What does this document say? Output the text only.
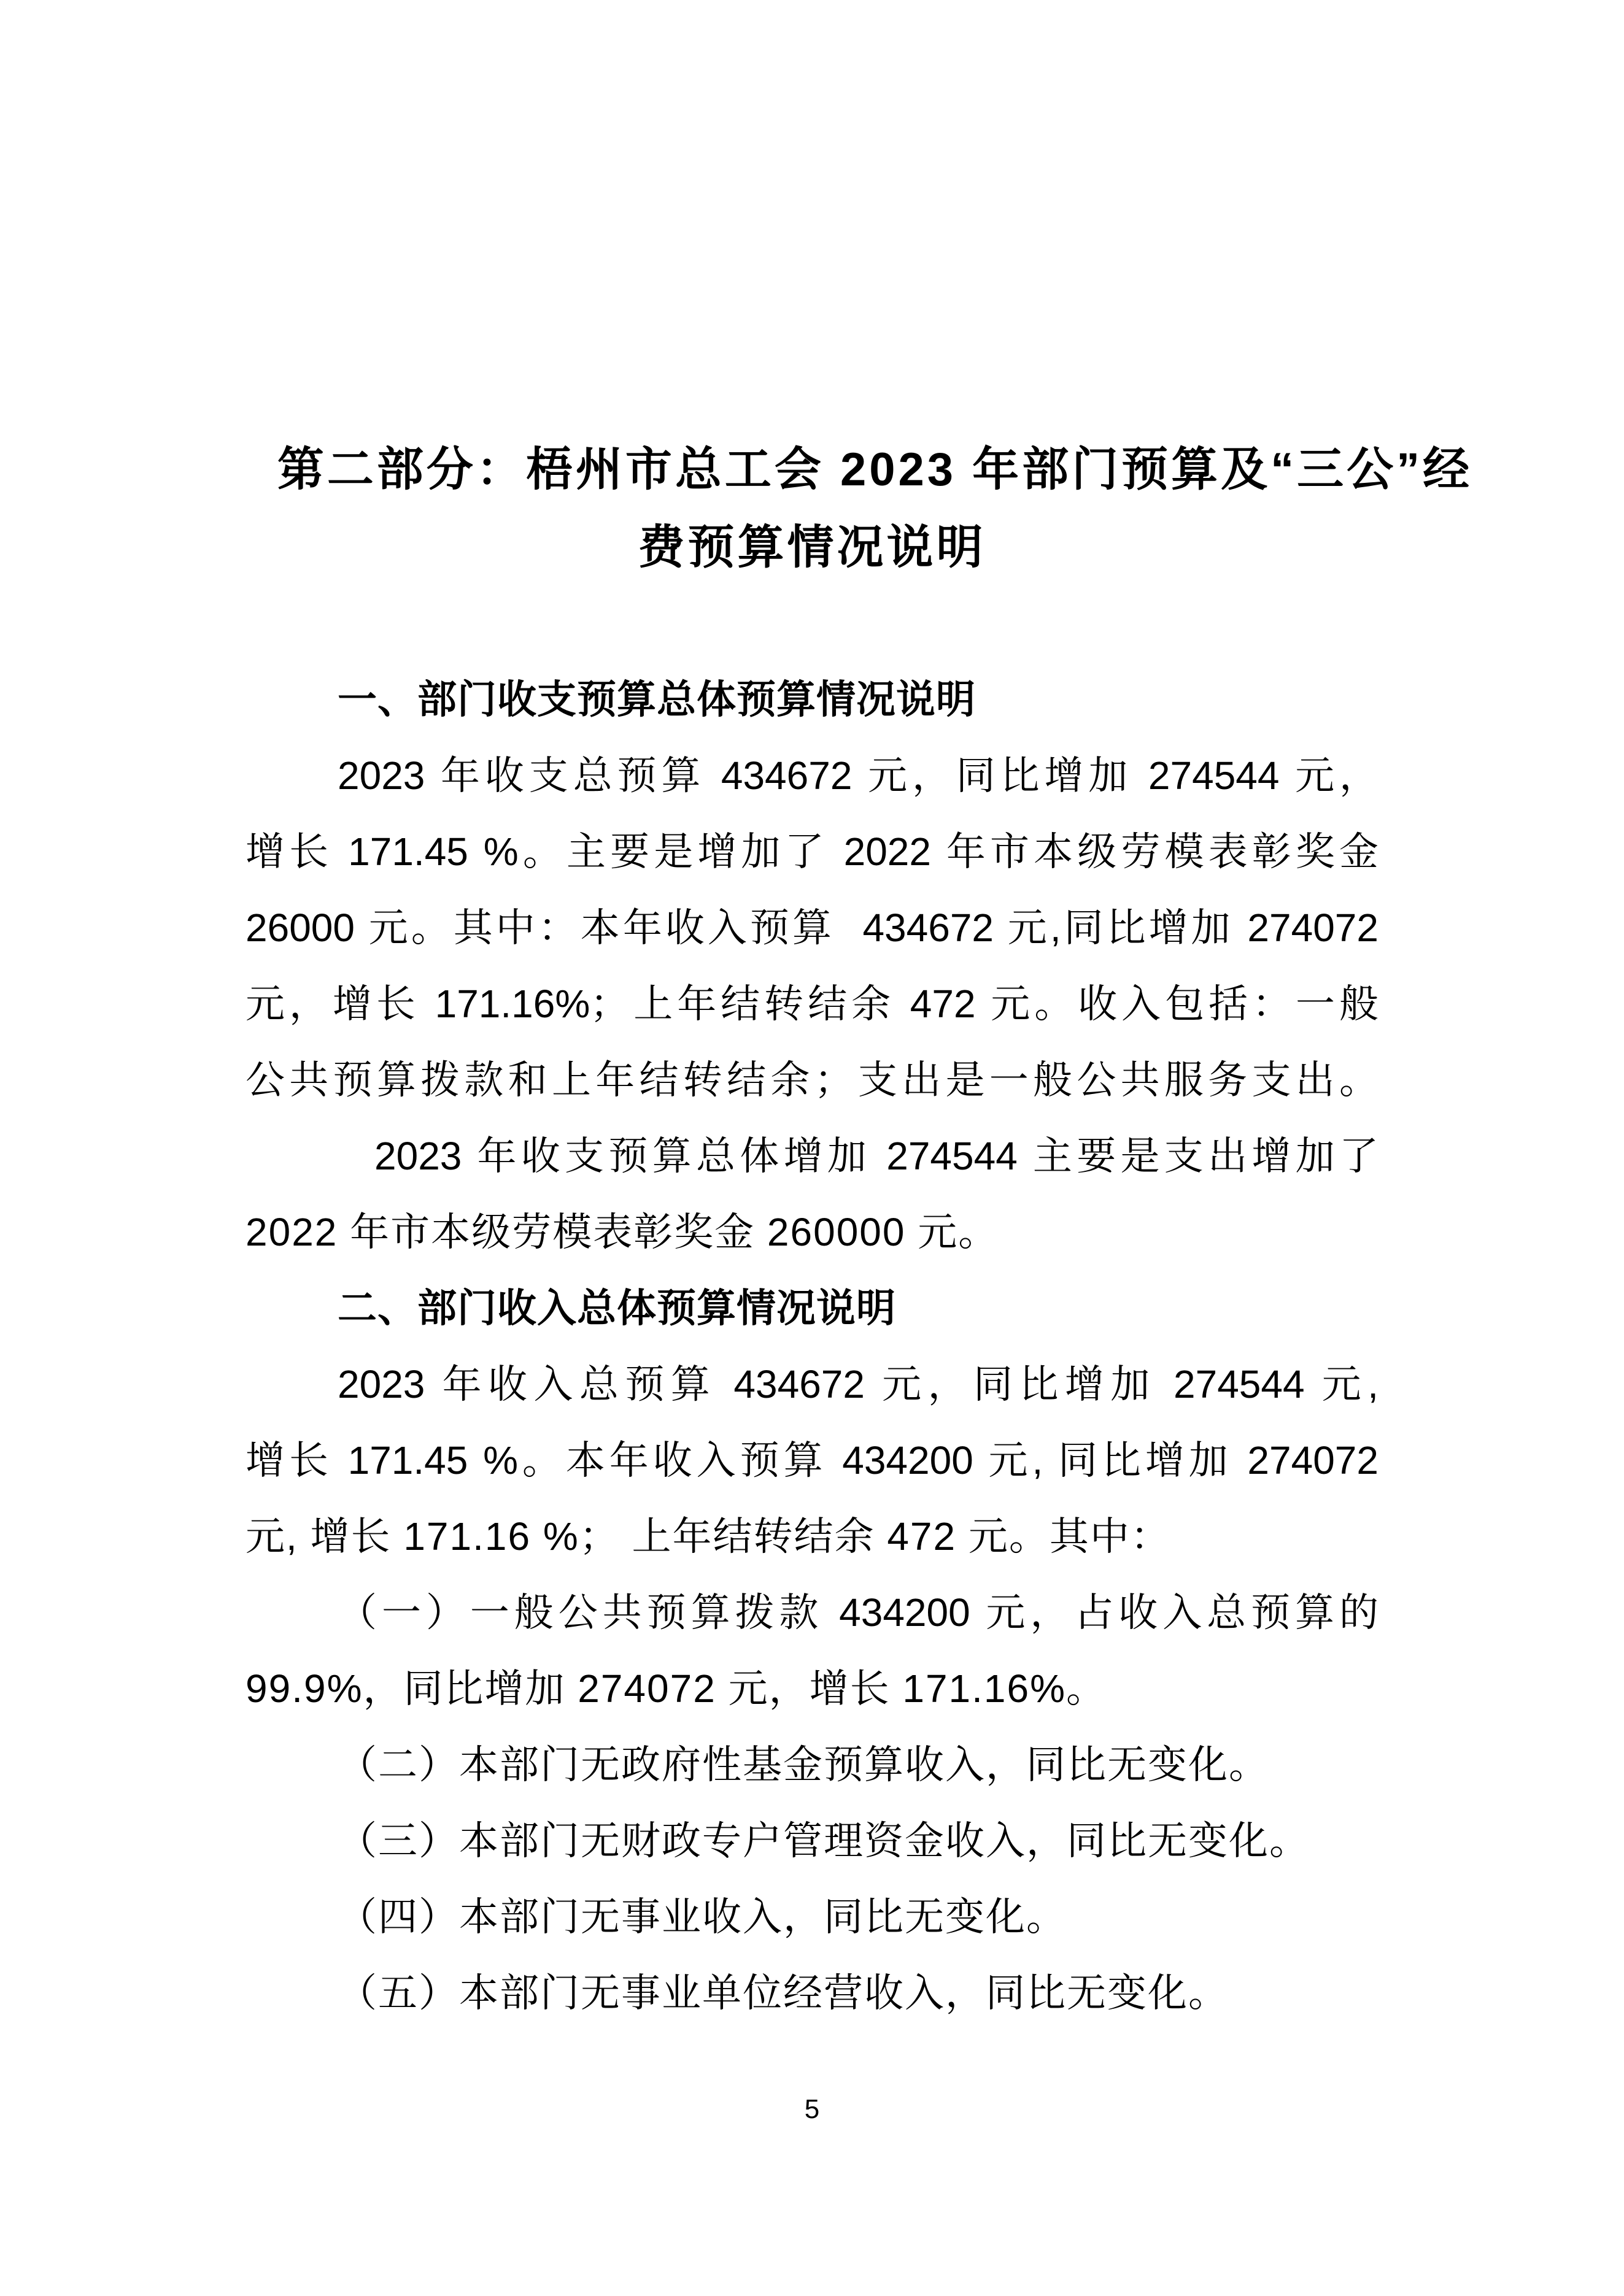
第二部分：梧州市总工会 2023 年部门预算及“三公”经
费预算情况说明
一、部门收支预算总体预算情况说明
2023 年收支总预算 434672 元，同比增加 274544 元，
增长 171.45 %。主要是增加了 2022 年市本级劳模表彰奖金
26000 元。其中：本年收入预算  434672 元,同比增加 274072
元，增长 171.16%；上年结转结余 472 元。收入包括：一般
公共预算拨款和上年结转结余；支出是一般公共服务支出。
2023 年收支预算总体增加 274544 主要是支出增加了
2022 年市本级劳模表彰奖金 260000 元。
二、部门收入总体预算情况说明
2023 年收入总预算 434672 元，同比增加 274544 元,
增长 171.45 %。本年收入预算 434200 元, 同比增加 274072
元, 增长 171.16 %； 上年结转结余 472 元。其中：
（一）一般公共预算拨款 434200 元，占收入总预算的
99.9%，同比增加 274072 元，增长 171.16%。
（二）本部门无政府性基金预算收入，同比无变化。
（三）本部门无财政专户管理资金收入，同比无变化。
（四）本部门无事业收入，同比无变化。
（五）本部门无事业单位经营收入，同比无变化。
5
